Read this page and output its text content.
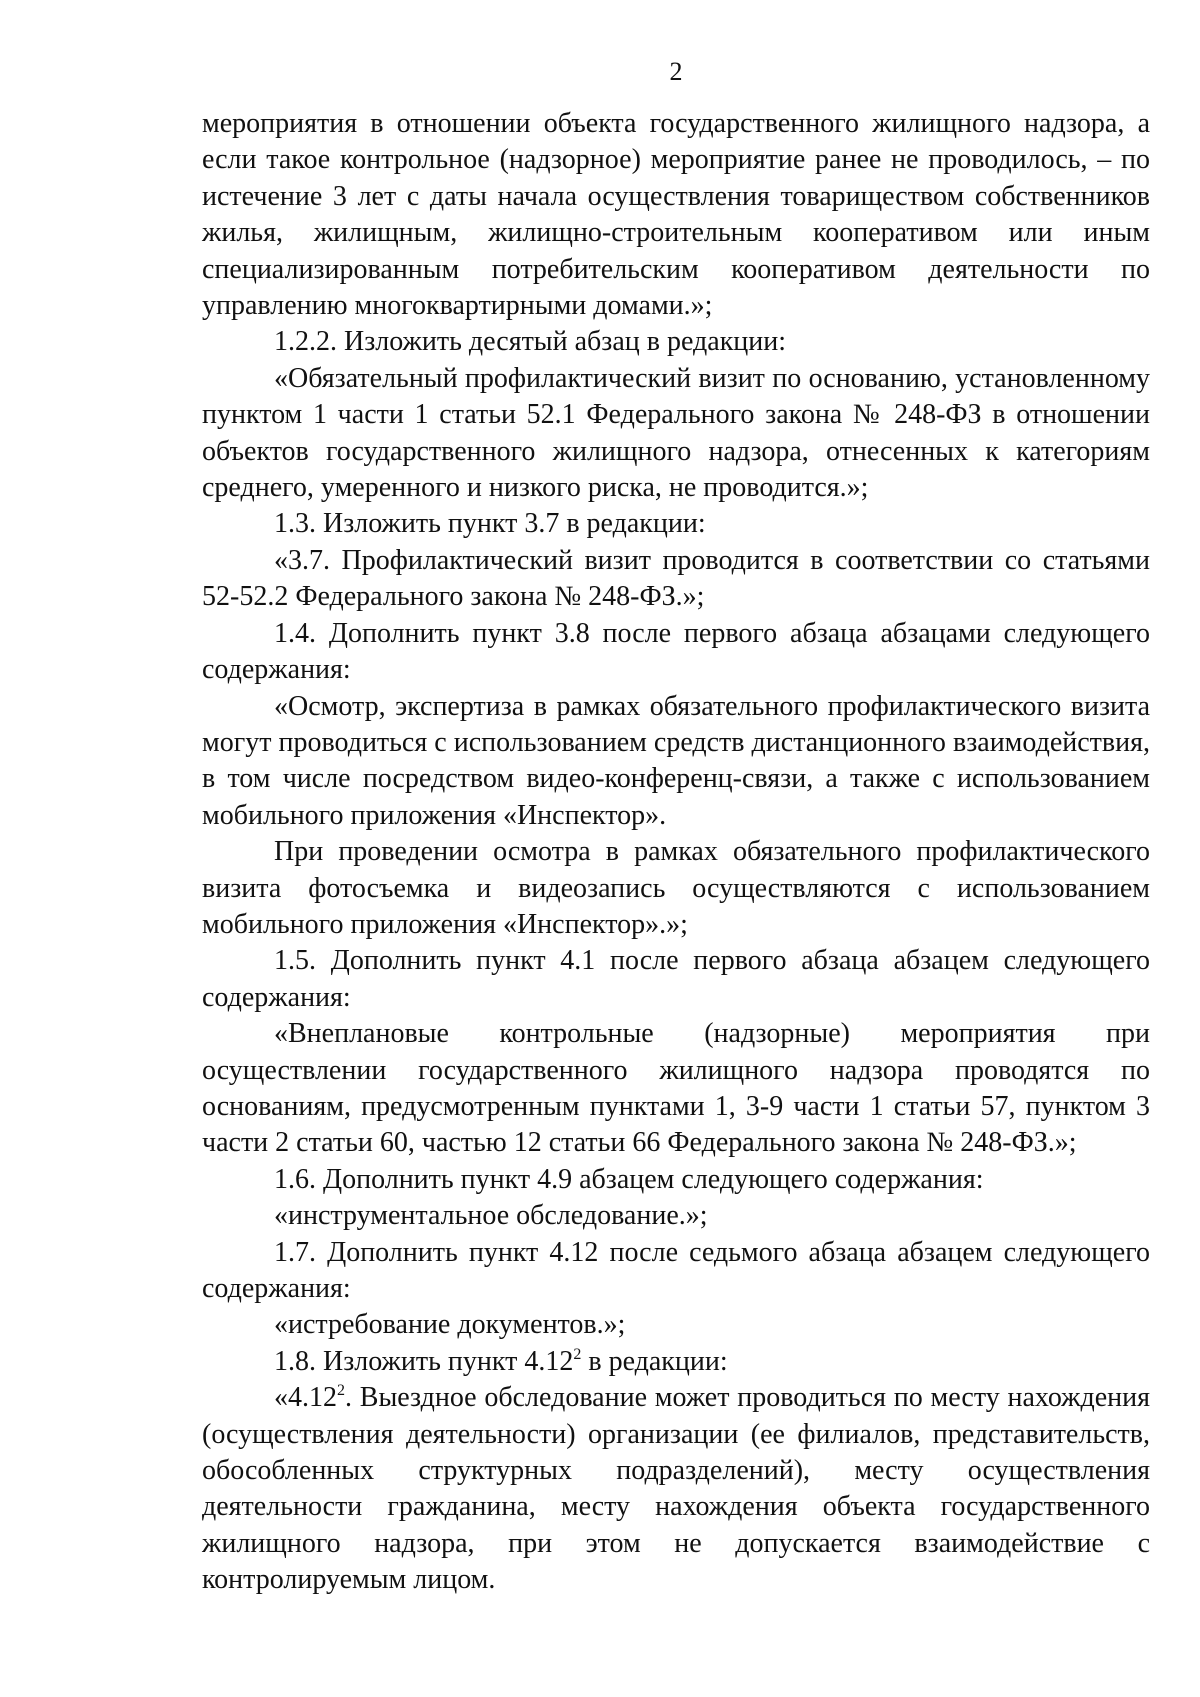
2

мероприятия в отношении объекта государственного жилищного надзора, а если такое контрольное (надзорное) мероприятие ранее не проводилось, – по истечение 3 лет с даты начала осуществления товариществом собственников жилья, жилищным, жилищно-строительным кооперативом или иным специализированным потребительским кооперативом деятельности по управлению многоквартирными домами.»;

1.2.2. Изложить десятый абзац в редакции:

«Обязательный профилактический визит по основанию, установленному пунктом 1 части 1 статьи 52.1 Федерального закона № 248-ФЗ в отношении объектов государственного жилищного надзора, отнесенных к категориям среднего, умеренного и низкого риска, не проводится.»;

1.3. Изложить пункт 3.7 в редакции:

«3.7. Профилактический визит проводится в соответствии со статьями 52-52.2 Федерального закона № 248-ФЗ.»;

1.4. Дополнить пункт 3.8 после первого абзаца абзацами следующего содержания:

«Осмотр, экспертиза в рамках обязательного профилактического визита могут проводиться с использованием средств дистанционного взаимодействия, в том числе посредством видео-конференц-связи, а также с использованием мобильного приложения «Инспектор».

При проведении осмотра в рамках обязательного профилактического визита фотосъемка и видеозапись осуществляются с использованием мобильного приложения «Инспектор».»;

1.5. Дополнить пункт 4.1 после первого абзаца абзацем следующего содержания:

«Внеплановые контрольные (надзорные) мероприятия при осуществлении государственного жилищного надзора проводятся по основаниям, предусмотренным пунктами 1, 3-9 части 1 статьи 57, пунктом 3 части 2 статьи 60, частью 12 статьи 66 Федерального закона № 248-ФЗ.»;

1.6. Дополнить пункт 4.9 абзацем следующего содержания:

«инструментальное обследование.»;

1.7. Дополнить пункт 4.12 после седьмого абзаца абзацем следующего содержания:

«истребование документов.»;

1.8. Изложить пункт 4.12$^2$ в редакции:

«4.12$^2$. Выездное обследование может проводиться по месту нахождения (осуществления деятельности) организации (ее филиалов, представительств, обособленных структурных подразделений), месту осуществления деятельности гражданина, месту нахождения объекта государственного жилищного надзора, при этом не допускается взаимодействие с контролируемым лицом.
